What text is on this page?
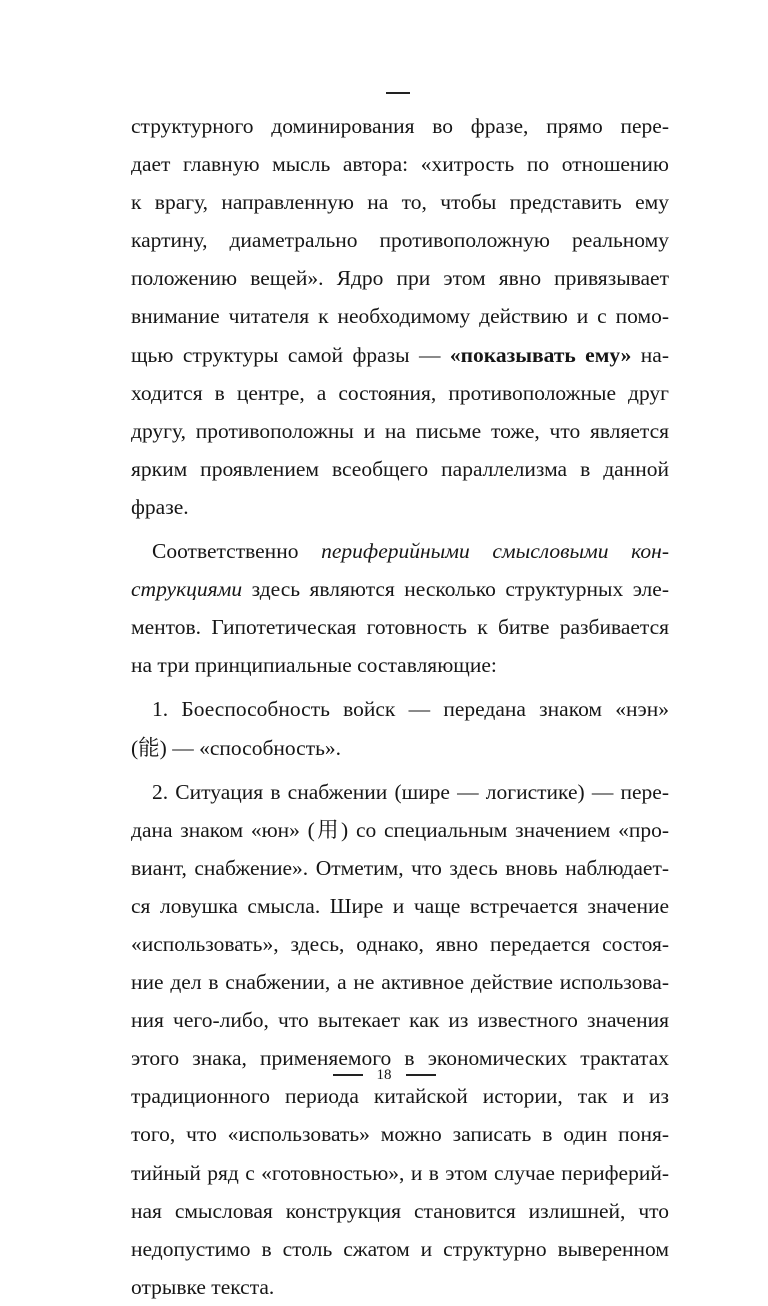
структурного доминирования во фразе, прямо пере-
дает главную мысль автора: «хитрость по отношению
к врагу, направленную на то, чтобы представить ему
картину, диаметрально противоположную реальному
положению вещей». Ядро при этом явно привязывает
внимание читателя к необходимому действию и с помо-
щью структуры самой фразы — «показывать ему» на-
ходится в центре, а состояния, противоположные друг
другу, противоположны и на письме тоже, что является
ярким проявлением всеобщего параллелизма в данной
фразе.
Соответственно периферийными смысловыми кон-
струкциями здесь являются несколько структурных эле-
ментов. Гипотетическая готовность к битве разбивается
на три принципиальные составляющие:
1. Боеспособность войск — передана знаком «нэн»
(能) — «способность».
2. Ситуация в снабжении (шире — логистике) — пере-
дана знаком «юн» (用) со специальным значением «про-
виант, снабжение». Отметим, что здесь вновь наблюдает-
ся ловушка смысла. Шире и чаще встречается значение
«использовать», здесь, однако, явно передается состоя-
ние дел в снабжении, а не активное действие использова-
ния чего-либо, что вытекает как из известного значения
этого знака, применяемого в экономических трактатах
традиционного периода китайской истории, так и из
того, что «использовать» можно записать в один поня-
тийный ряд с «готовностью», и в этом случае периферий-
ная смысловая конструкция становится излишней, что
недопустимо в столь сжатом и структурно выверенном
отрывке текста.
18
